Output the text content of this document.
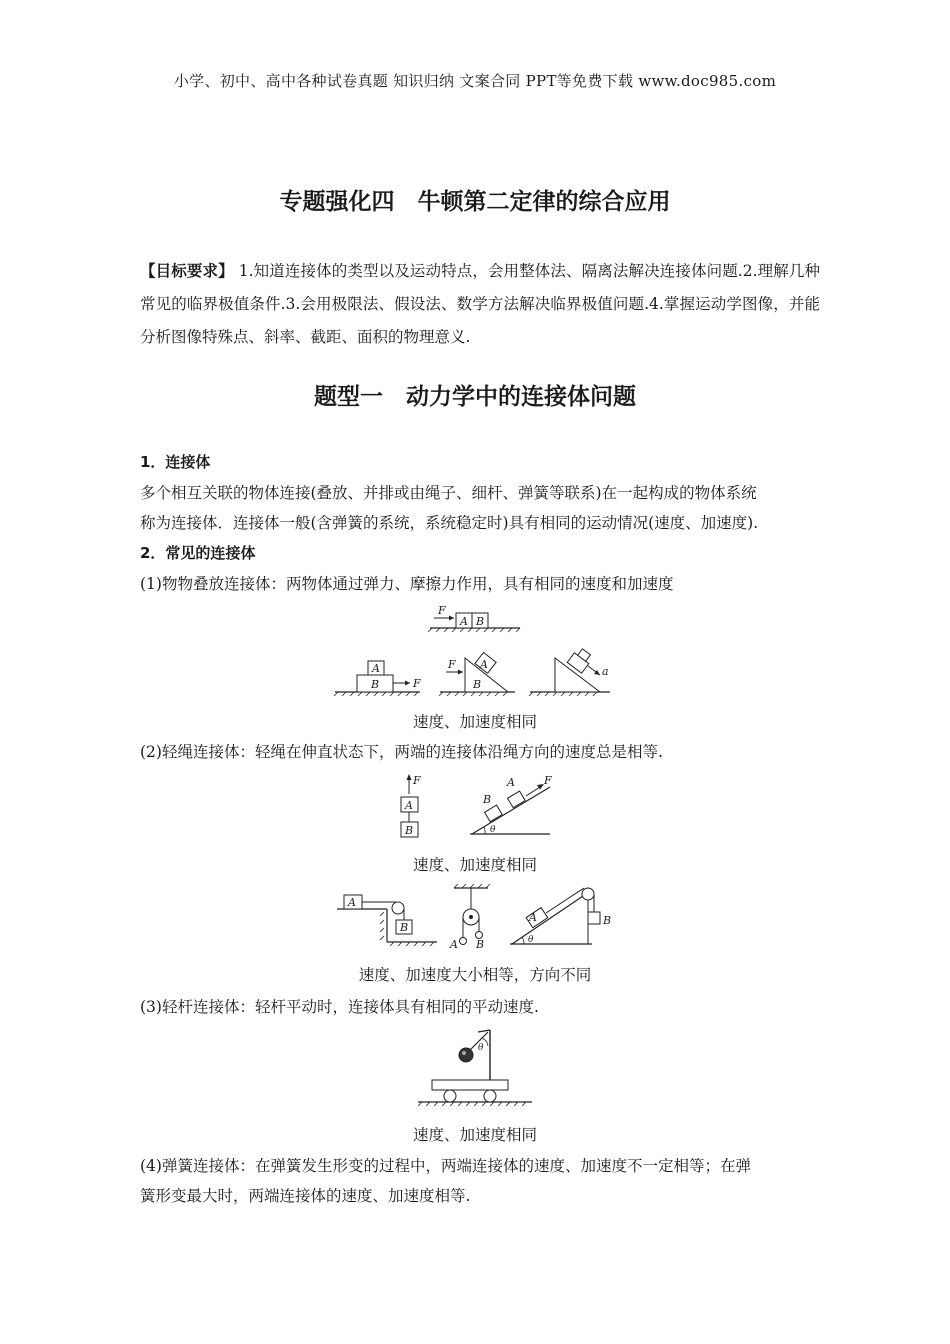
小学、初中、高中各种试卷真题 知识归纳 文案合同 PPT等免费下载 www.doc985.com
专题强化四　牛顿第二定律的综合应用
【目标要求】 1.知道连接体的类型以及运动特点，会用整体法、隔离法解决连接体问题.2.理解几种常见的临界极值条件.3.会用极限法、假设法、数学方法解决临界极值问题.4.掌握运动学图像，并能分析图像特殊点、斜率、截距、面积的物理意义.
题型一　动力学中的连接体问题
1．连接体
多个相互关联的物体连接(叠放、并排或由绳子、细杆、弹簧等联系)在一起构成的物体系统
称为连接体．连接体一般(含弹簧的系统，系统稳定时)具有相同的运动情况(速度、加速度).
2．常见的连接体
(1)物物叠放连接体：两物体通过弹力、摩擦力作用，具有相同的速度和加速度
A B
F
A
B	F
A
B
F
a
速度、加速度相同
(2)轻绳连接体：轻绳在伸直状态下，两端的连接体沿绳方向的速度总是相等.
F
A
B
B
A	F
θ
速度、加速度相同
A
B
A B
A	B
θ
速度、加速度大小相等，方向不同
(3)轻杆连接体：轻杆平动时，连接体具有相同的平动速度.
θ
速度、加速度相同
(4)弹簧连接体：在弹簧发生形变的过程中，两端连接体的速度、加速度不一定相等；在弹
簧形变最大时，两端连接体的速度、加速度相等.
